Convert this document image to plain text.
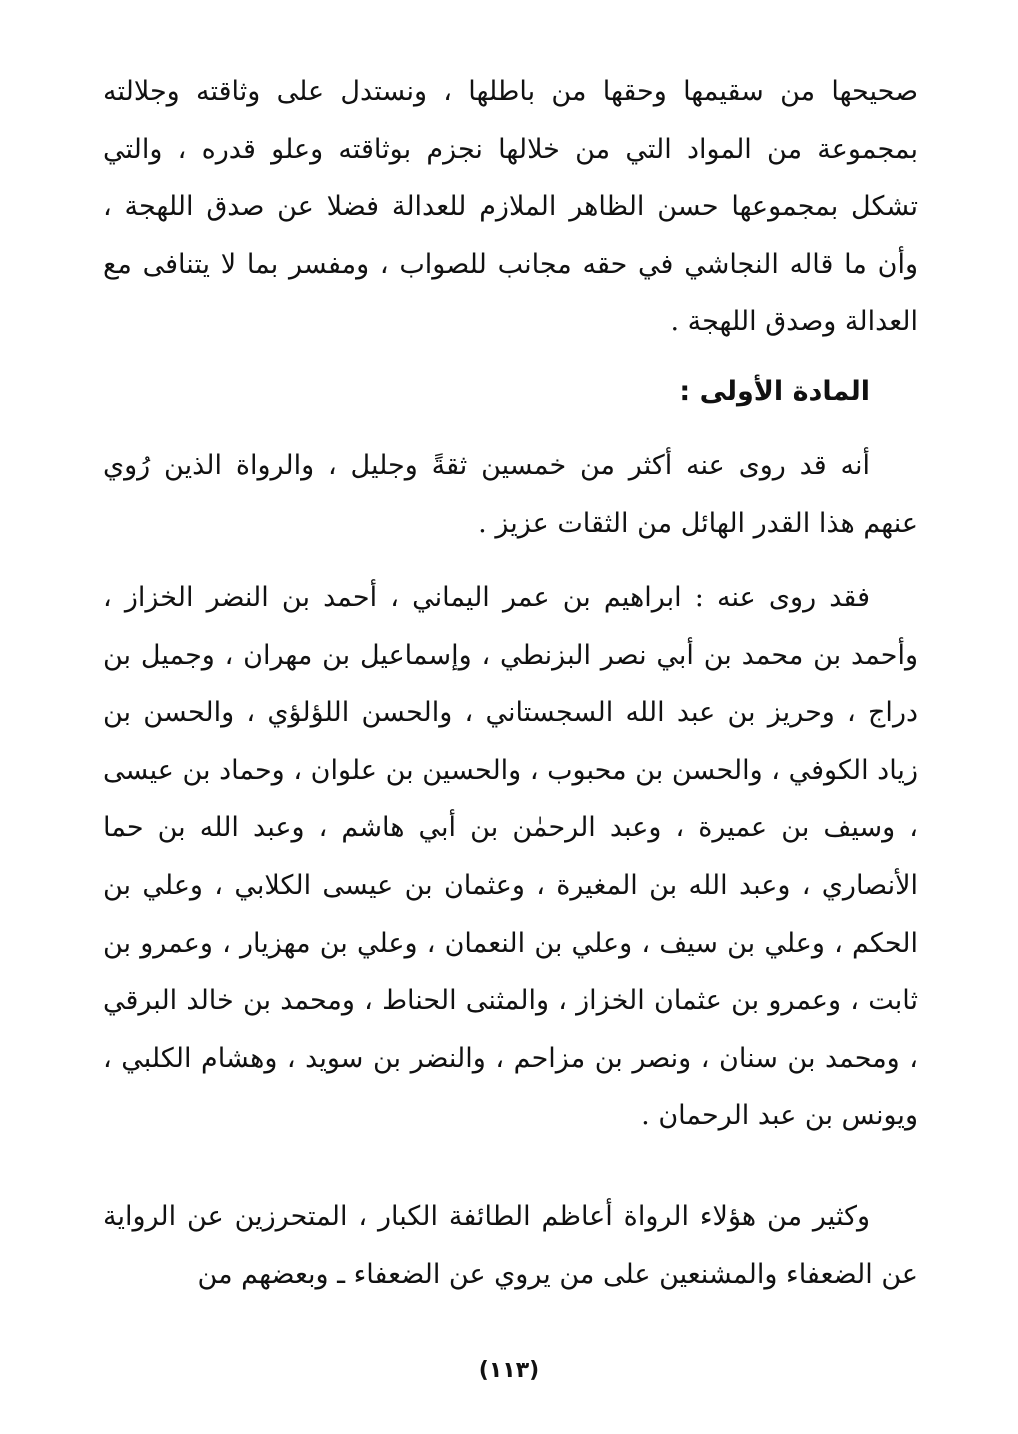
صحيحها من سقيمها وحقها من باطلها ، ونستدل على وثاقته وجلالته بمجموعة من المواد التي من خلالها نجزم بوثاقته وعلو قدره ، والتي تشكل بمجموعها حسن الظاهر الملازم للعدالة فضلا عن صدق اللهجة ، وأن ما قاله النجاشي في حقه مجانب للصواب ، ومفسر بما لا يتنافى مع العدالة وصدق اللهجة .
المادة الأولى :
أنه قد روى عنه أكثر من خمسين ثقةً وجليل ، والرواة الذين رُوي عنهم هذا القدر الهائل من الثقات عزيز .
فقد روى عنه : ابراهيم بن عمر اليماني ، أحمد بن النضر الخزاز ، وأحمد بن محمد بن أبي نصر البزنطي ، وإسماعيل بن مهران ، وجميل بن دراج ، وحريز بن عبد الله السجستاني ، والحسن اللؤلؤي ، والحسن بن زياد الكوفي ، والحسن بن محبوب ، والحسين بن علوان ، وحماد بن عيسى ، وسيف بن عميرة ، وعبد الرحمٰن بن أبي هاشم ، وعبد الله بن حما الأنصاري ، وعبد الله بن المغيرة ، وعثمان بن عيسى الكلابي ، وعلي بن الحكم ، وعلي بن سيف ، وعلي بن النعمان ، وعلي بن مهزيار ، وعمرو بن ثابت ، وعمرو بن عثمان الخزاز ، والمثنى الحناط ، ومحمد بن خالد البرقي ، ومحمد بن سنان ، ونصر بن مزاحم ، والنضر بن سويد ، وهشام الكلبي ، ويونس بن عبد الرحمان .
وكثير من هؤلاء الرواة أعاظم الطائفة الكبار ، المتحرزين عن الرواية عن الضعفاء والمشنعين على من يروي عن الضعفاء ـ وبعضهم من
(١١٣)
